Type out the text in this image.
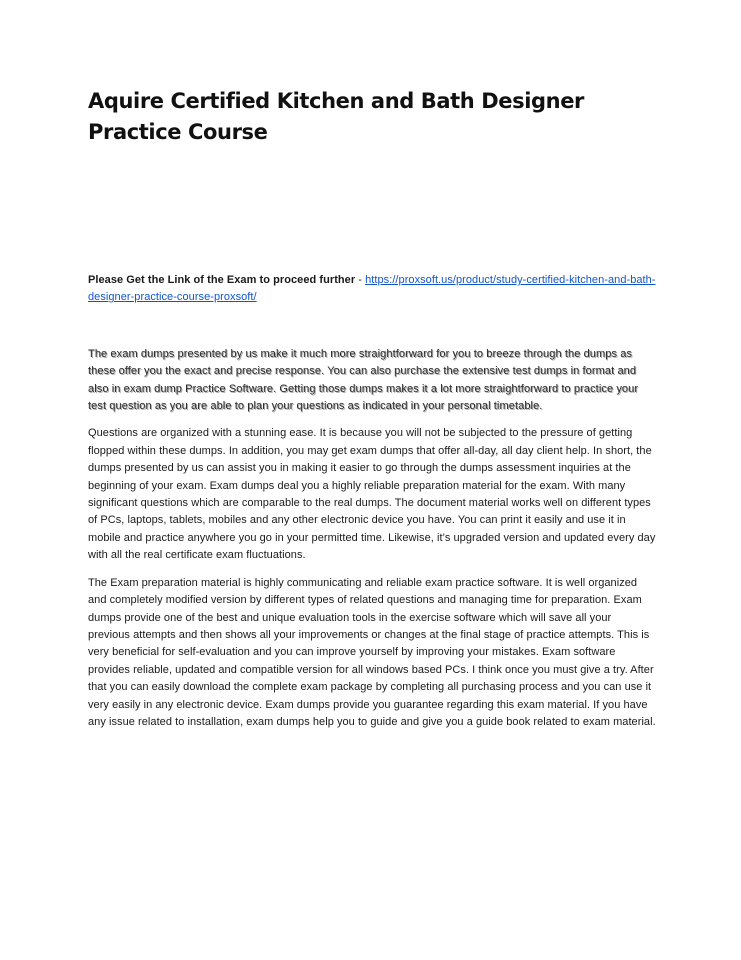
Aquire Certified Kitchen and Bath Designer Practice Course

Please Get the Link of the Exam to proceed further - https://proxsoft.us/product/study-certified-kitchen-and-bath-designer-practice-course-proxsoft/

The exam dumps presented by us make it much more straightforward for you to breeze through the dumps as these offer you the exact and precise response. You can also purchase the extensive test dumps in format and also in exam dump Practice Software. Getting those dumps makes it a lot more straightforward to practice your test question as you are able to plan your questions as indicated in your personal timetable.

Questions are organized with a stunning ease. It is because you will not be subjected to the pressure of getting flopped within these dumps. In addition, you may get exam dumps that offer all-day, all day client help. In short, the dumps presented by us can assist you in making it easier to go through the dumps assessment inquiries at the beginning of your exam. Exam dumps deal you a highly reliable preparation material for the exam. With many significant questions which are comparable to the real dumps. The document material works well on different types of PCs, laptops, tablets, mobiles and any other electronic device you have. You can print it easily and use it in mobile and practice anywhere you go in your permitted time. Likewise, it’s upgraded version and updated every day with all the real certificate exam fluctuations.

The Exam preparation material is highly communicating and reliable exam practice software. It is well organized and completely modified version by different types of related questions and managing time for preparation. Exam dumps provide one of the best and unique evaluation tools in the exercise software which will save all your previous attempts and then shows all your improvements or changes at the final stage of practice attempts. This is very beneficial for self-evaluation and you can improve yourself by improving your mistakes. Exam software provides reliable, updated and compatible version for all windows based PCs. I think once you must give a try. After that you can easily download the complete exam package by completing all purchasing process and you can use it very easily in any electronic device. Exam dumps provide you guarantee regarding this exam material. If you have any issue related to installation, exam dumps help you to guide and give you a guide book related to exam material.
